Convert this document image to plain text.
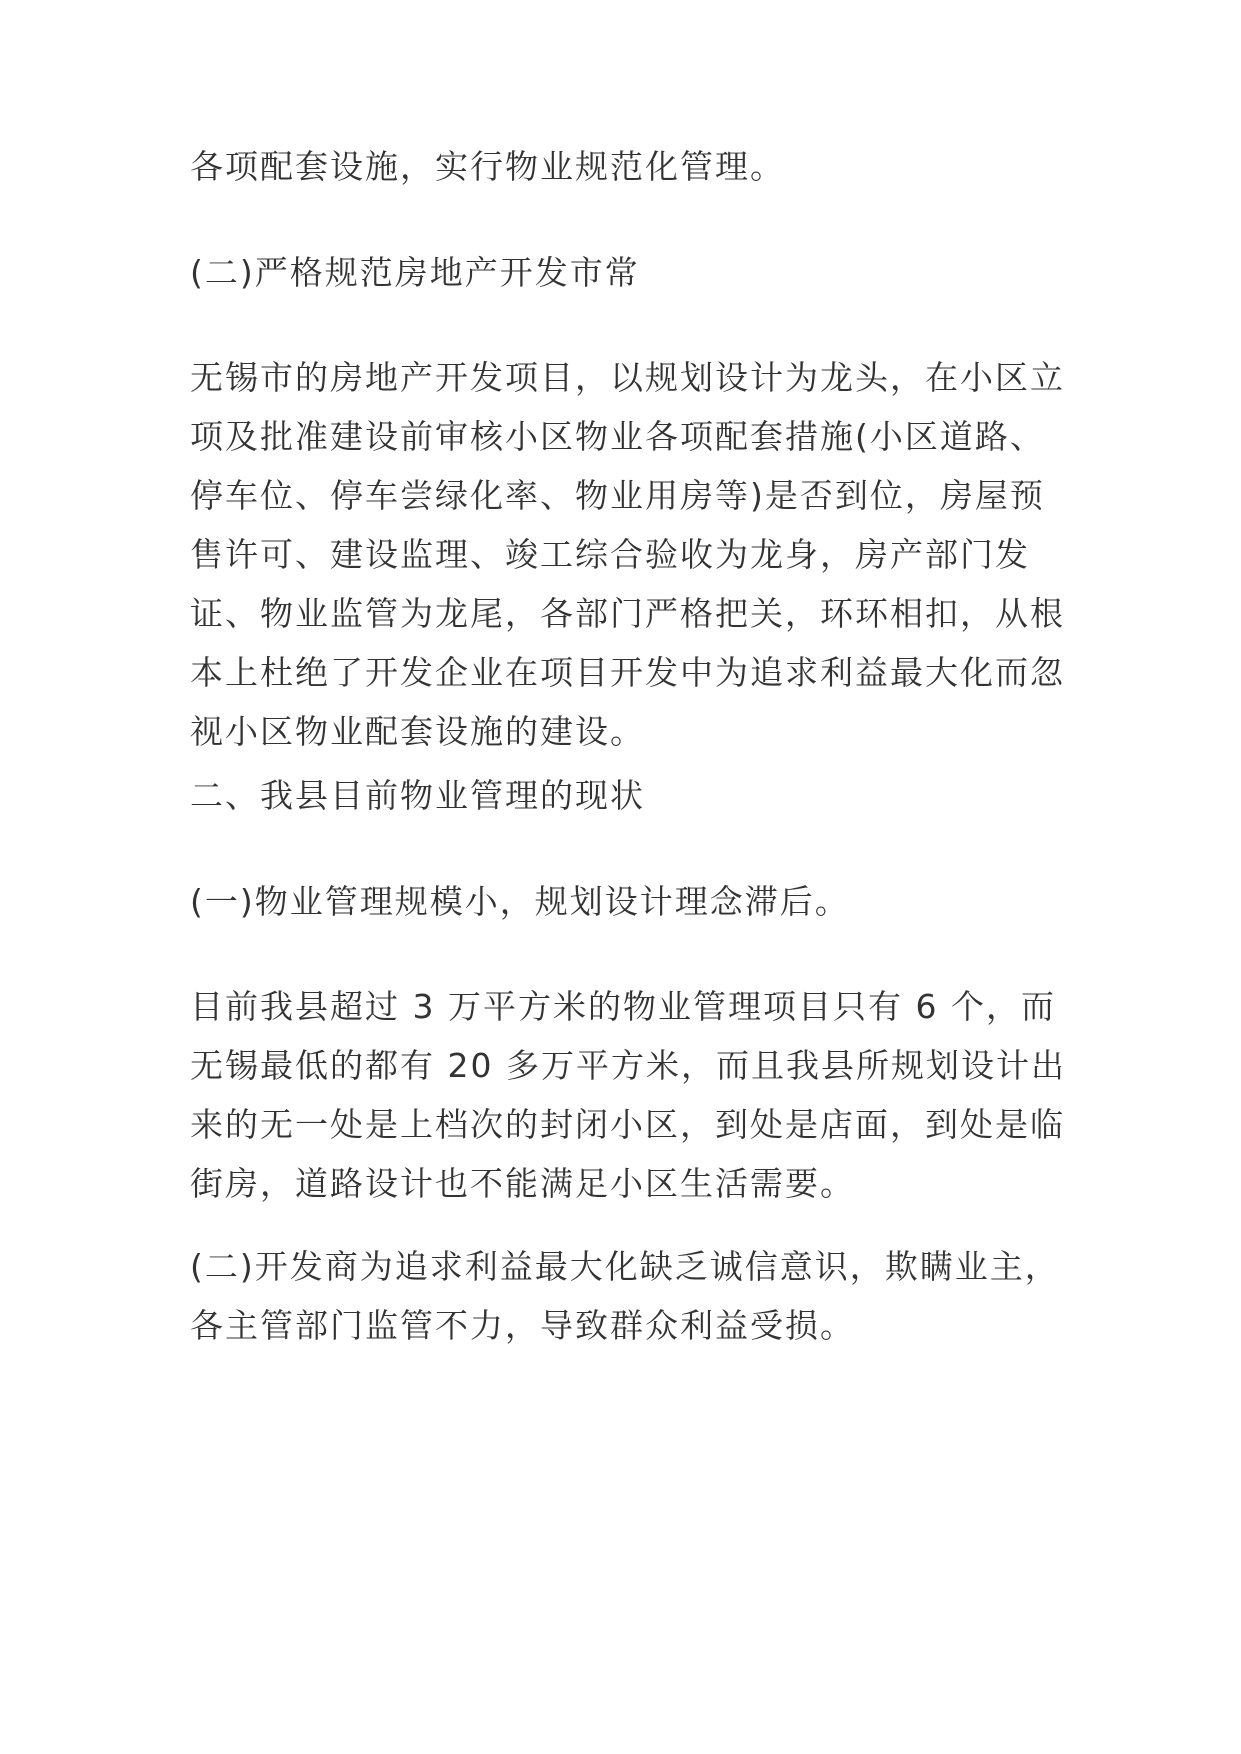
各项配套设施，实行物业规范化管理。

(二)严格规范房地产开发市常

无锡市的房地产开发项目，以规划设计为龙头，在小区立项及批准建设前审核小区物业各项配套措施(小区道路、停车位、停车尝绿化率、物业用房等)是否到位，房屋预售许可、建设监理、竣工综合验收为龙身，房产部门发证、物业监管为龙尾，各部门严格把关，环环相扣，从根本上杜绝了开发企业在项目开发中为追求利益最大化而忽视小区物业配套设施的建设。

二、我县目前物业管理的现状

(一)物业管理规模小，规划设计理念滞后。

目前我县超过 3 万平方米的物业管理项目只有 6 个，而无锡最低的都有 20 多万平方米，而且我县所规划设计出来的无一处是上档次的封闭小区，到处是店面，到处是临街房，道路设计也不能满足小区生活需要。

(二)开发商为追求利益最大化缺乏诚信意识，欺瞒业主，各主管部门监管不力，导致群众利益受损。
